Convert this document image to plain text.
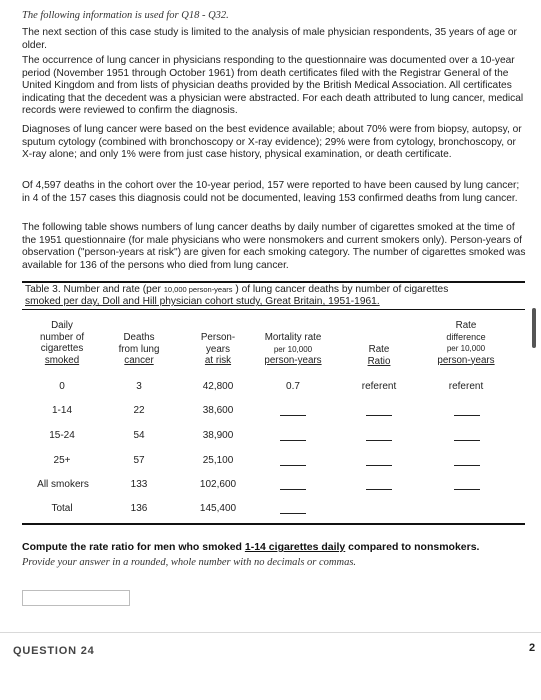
The following information is used for Q18 - Q32.
The next section of this case study is limited to the analysis of male physician respondents, 35 years of age or older.
The occurrence of lung cancer in physicians responding to the questionnaire was documented over a 10-year period (November 1951 through October 1961) from death certificates filed with the Registrar General of the United Kingdom and from lists of physician deaths provided by the British Medical Association. All certificates indicating that the decedent was a physician were abstracted. For each death attributed to lung cancer, medical records were reviewed to confirm the diagnosis.
Diagnoses of lung cancer were based on the best evidence available; about 70% were from biopsy, autopsy, or sputum cytology (combined with bronchoscopy or X-ray evidence); 29% were from cytology, bronchoscopy, or X-ray alone; and only 1% were from just case history, physical examination, or death certificate.
Of 4,597 deaths in the cohort over the 10-year period, 157 were reported to have been caused by lung cancer; in 4 of the 157 cases this diagnosis could not be documented, leaving 153 confirmed deaths from lung cancer.
The following table shows numbers of lung cancer deaths by daily number of cigarettes smoked at the time of the 1951 questionnaire (for male physicians who were nonsmokers and current smokers only). Person-years of observation ("person-years at risk") are given for each smoking category. The number of cigarettes smoked was available for 136 of the persons who died from lung cancer.
Table 3. Number and rate (per 10,000 person-years ) of lung cancer deaths by number of cigarettes
smoked per day, Doll and Hill physician cohort study, Great Britain, 1951-1961.
Daily
number of
cigarettes
smoked
Deaths
from lung
cancer
Person-
years
at risk
Mortality rate
per 10,000
person-years
Rate
Ratio
Rate
difference
per 10,000
person-years
0	3	42,800	0.7	referent	referent
1-14	22	38,600
15-24	54	38,900
25+	57	25,100
All smokers	133	102,600
Total	136	145,400
Compute the rate ratio for men who smoked 1-14 cigarettes daily compared to nonsmokers.
Provide your answer in a rounded, whole number with no decimals or commas.
QUESTION 24	2
